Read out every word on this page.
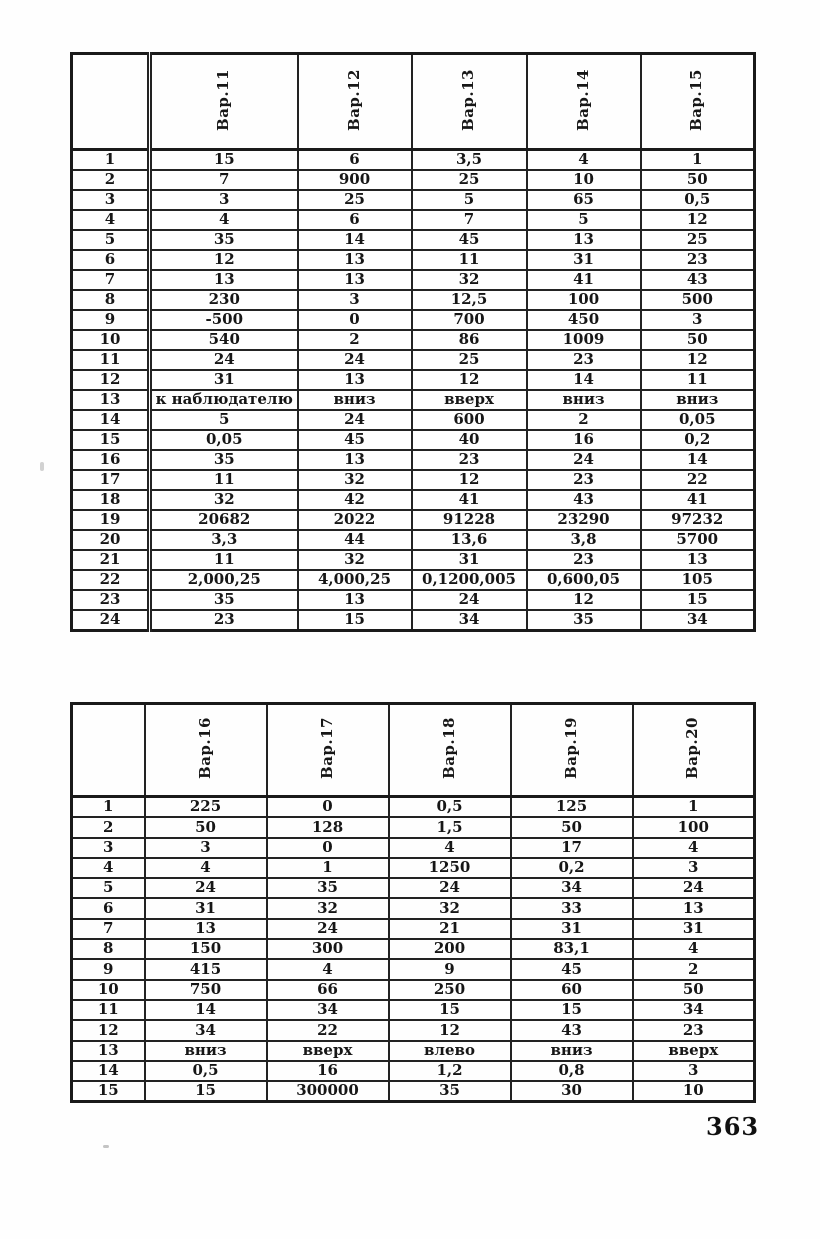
	Вар.11	Вар.12	Вар.13	Вар.14	Вар.15
1	15	6	3,5	4	1
2	7	900	25	10	50
3	3	25	5	65	0,5
4	4	6	7	5	12
5	35	14	45	13	25
6	12	13	11	31	23
7	13	13	32	41	43
8	230	3	12,5	100	500
9	-500	0	700	450	3
10	540	2	86	1009	50
11	24	24	25	23	12
12	31	13	12	14	11
13	к наблюдателю	вниз	вверх	вниз	вниз
14	5	24	600	2	0,05
15	0,05	45	40	16	0,2
16	35	13	23	24	14
17	11	32	12	23	22
18	32	42	41	43	41
19	20682	2022	91228	23290	97232
20	3,3	44	13,6	3,8	5700
21	11	32	31	23	13
22	2,000,25	4,000,25	0,1200,005	0,600,05	105
23	35	13	24	12	15
24	23	15	34	35	34
	Вар.16	Вар.17	Вар.18	Вар.19	Вар.20
1	225	0	0,5	125	1
2	50	128	1,5	50	100
3	3	0	4	17	4
4	4	1	1250	0,2	3
5	24	35	24	34	24
6	31	32	32	33	13
7	13	24	21	31	31
8	150	300	200	83,1	4
9	415	4	9	45	2
10	750	66	250	60	50
11	14	34	15	15	34
12	34	22	12	43	23
13	вниз	вверх	влево	вниз	вверх
14	0,5	16	1,2	0,8	3
15	15	300000	35	30	10
363
